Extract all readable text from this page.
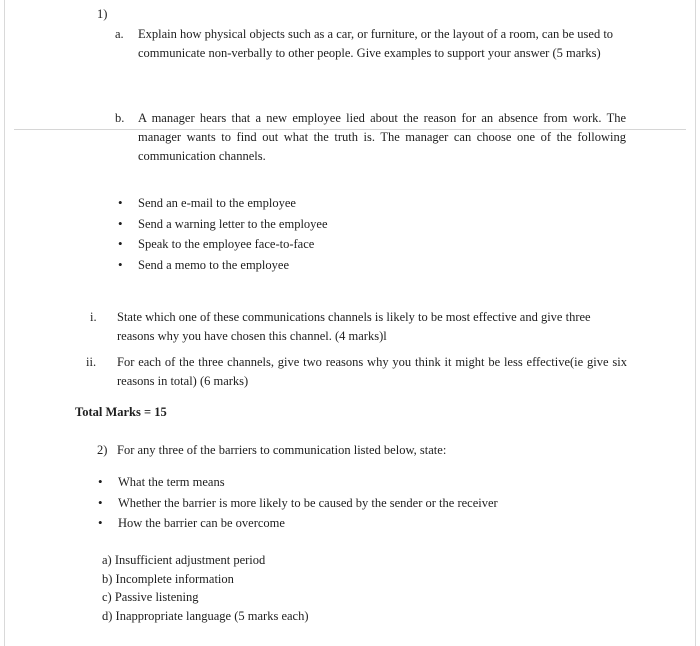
1)
a. Explain how physical objects such as a car, or furniture, or the layout of a room, can be used to communicate non-verbally to other people. Give examples to support your answer (5 marks)
b. A manager hears that a new employee lied about the reason for an absence from work. The manager wants to find out what the truth is. The manager can choose one of the following communication channels.
• Send an e-mail to the employee
• Send a warning letter to the employee
• Speak to the employee face-to-face
• Send a memo to the employee
i. State which one of these communications channels is likely to be most effective and give three reasons why you have chosen this channel. (4 marks)l
ii. For each of the three channels, give two reasons why you think it might be less effective(ie give six reasons in total) (6 marks)
Total Marks = 15
2) For any three of the barriers to communication listed below, state:
• What the term means
• Whether the barrier is more likely to be caused by the sender or the receiver
• How the barrier can be overcome
a) Insufficient adjustment period
b) Incomplete information
c) Passive listening
d) Inappropriate language (5 marks each)
